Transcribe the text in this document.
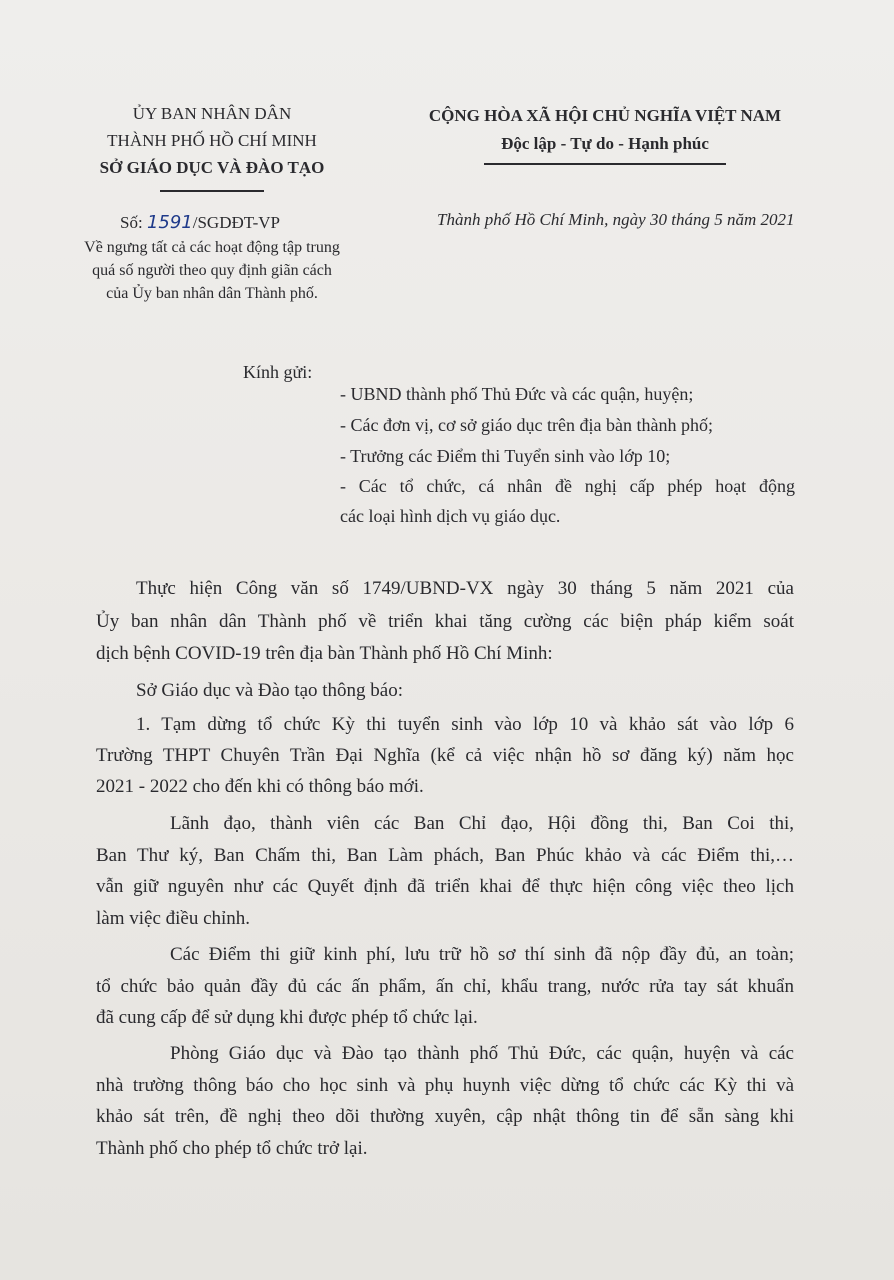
ỦY BAN NHÂN DÂN
THÀNH PHỐ HỒ CHÍ MINH
SỞ GIÁO DỤC VÀ ĐÀO TẠO
Số: 1591/SGDĐT-VP
Về ngưng tất cả các hoạt động tập trung
quá số người theo quy định giãn cách
của Ủy ban nhân dân Thành phố.
CỘNG HÒA XÃ HỘI CHỦ NGHĨA VIỆT NAM
Độc lập - Tự do - Hạnh phúc
Thành phố Hồ Chí Minh, ngày 30 tháng 5 năm 2021
Kính gửi:
- UBND thành phố Thủ Đức và các quận, huyện;
- Các đơn vị, cơ sở giáo dục trên địa bàn thành phố;
- Trưởng các Điểm thi Tuyển sinh vào lớp 10;
- Các tổ chức, cá nhân đề nghị cấp phép hoạt động
các loại hình dịch vụ giáo dục.
Thực hiện Công văn số 1749/UBND-VX ngày 30 tháng 5 năm 2021 của
Ủy ban nhân dân Thành phố về triển khai tăng cường các biện pháp kiểm soát
dịch bệnh COVID-19 trên địa bàn Thành phố Hồ Chí Minh:
Sở Giáo dục và Đào tạo thông báo:
1. Tạm dừng tổ chức Kỳ thi tuyển sinh vào lớp 10 và khảo sát vào lớp 6
Trường THPT Chuyên Trần Đại Nghĩa (kể cả việc nhận hồ sơ đăng ký) năm học
2021 - 2022 cho đến khi có thông báo mới.
Lãnh đạo, thành viên các Ban Chỉ đạo, Hội đồng thi, Ban Coi thi,
Ban Thư ký, Ban Chấm thi, Ban Làm phách, Ban Phúc khảo và các Điểm thi,…
vẫn giữ nguyên như các Quyết định đã triển khai để thực hiện công việc theo lịch
làm việc điều chỉnh.
Các Điểm thi giữ kinh phí, lưu trữ hồ sơ thí sinh đã nộp đầy đủ, an toàn;
tổ chức bảo quản đầy đủ các ấn phẩm, ấn chỉ, khẩu trang, nước rửa tay sát khuẩn
đã cung cấp để sử dụng khi được phép tổ chức lại.
Phòng Giáo dục và Đào tạo thành phố Thủ Đức, các quận, huyện và các
nhà trường thông báo cho học sinh và phụ huynh việc dừng tổ chức các Kỳ thi và
khảo sát trên, đề nghị theo dõi thường xuyên, cập nhật thông tin để sẵn sàng khi
Thành phố cho phép tổ chức trở lại.
